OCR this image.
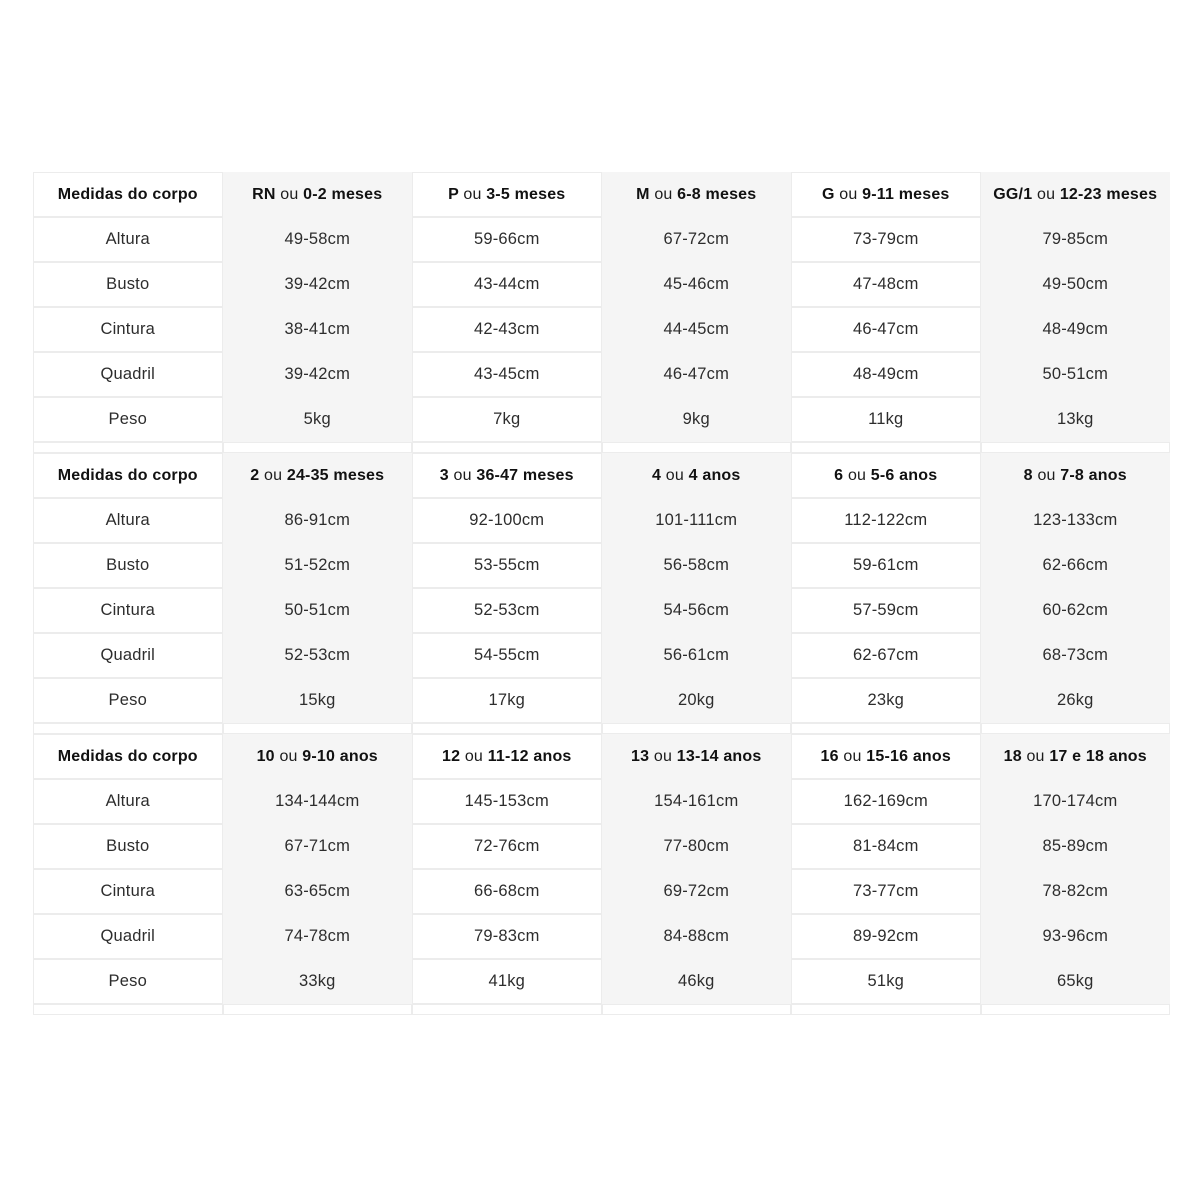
Medidas do corpo	RN ou 0-2 meses	P ou 3-5 meses	M ou 6-8 meses	G ou 9-11 meses	GG/1 ou 12-23 meses
Altura	49-58cm	59-66cm	67-72cm	73-79cm	79-85cm
Busto	39-42cm	43-44cm	45-46cm	47-48cm	49-50cm
Cintura	38-41cm	42-43cm	44-45cm	46-47cm	48-49cm
Quadril	39-42cm	43-45cm	46-47cm	48-49cm	50-51cm
Peso	5kg	7kg	9kg	11kg	13kg

Medidas do corpo	2 ou 24-35 meses	3 ou 36-47 meses	4 ou 4 anos	6 ou 5-6 anos	8 ou 7-8 anos
Altura	86-91cm	92-100cm	101-111cm	112-122cm	123-133cm
Busto	51-52cm	53-55cm	56-58cm	59-61cm	62-66cm
Cintura	50-51cm	52-53cm	54-56cm	57-59cm	60-62cm
Quadril	52-53cm	54-55cm	56-61cm	62-67cm	68-73cm
Peso	15kg	17kg	20kg	23kg	26kg

Medidas do corpo	10 ou 9-10 anos	12 ou 11-12 anos	13 ou 13-14 anos	16 ou 15-16 anos	18 ou 17 e 18 anos
Altura	134-144cm	145-153cm	154-161cm	162-169cm	170-174cm
Busto	67-71cm	72-76cm	77-80cm	81-84cm	85-89cm
Cintura	63-65cm	66-68cm	69-72cm	73-77cm	78-82cm
Quadril	74-78cm	79-83cm	84-88cm	89-92cm	93-96cm
Peso	33kg	41kg	46kg	51kg	65kg
